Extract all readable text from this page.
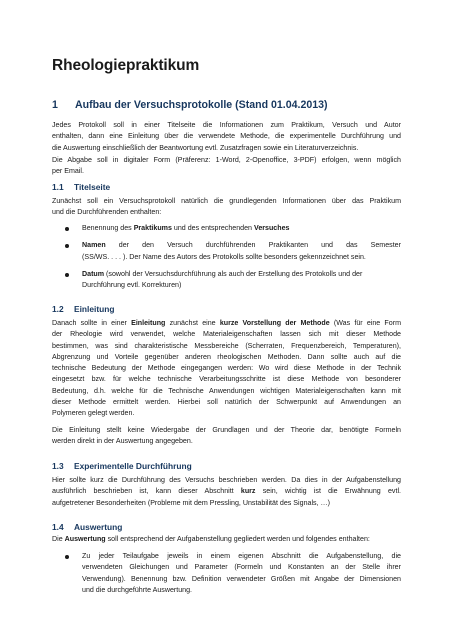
Rheologiepraktikum
1 Aufbau der Versuchsprotokolle (Stand 01.04.2013)
Jedes Protokoll soll in einer Titelseite die Informationen zum Praktikum, Versuch und Autor
enthalten, dann eine Einleitung über die verwendete Methode, die experimentelle Durchführung und
die Auswertung einschließlich der Beantwortung evtl. Zusatzfragen sowie ein Literaturverzeichnis.
Die Abgabe soll in digitaler Form (Präferenz: 1-Word, 2-Openoffice, 3-PDF) erfolgen, wenn möglich
per Email.
1.1 Titelseite
Zunächst soll ein Versuchsprotokoll natürlich die grundlegenden Informationen über das Praktikum
und die Durchführenden enthalten:
Benennung des Praktikums und des entsprechenden Versuches
Namen der den Versuch durchführenden Praktikanten und das Semester
(SS/WS. . . . ). Der Name des Autors des Protokolls sollte besonders gekennzeichnet sein.
Datum (sowohl der Versuchsdurchführung als auch der Erstellung des Protokolls und der
Durchführung evtl. Korrekturen)
1.2 Einleitung
Danach sollte in einer Einleitung zunächst eine kurze Vorstellung der Methode (Was für eine Form
der Rheologie wird verwendet, welche Materialeigenschaften lassen sich mit dieser Methode
bestimmen, was sind charakteristische Messbereiche (Scherraten, Frequenzbereich, Temperaturen),
Abgrenzung und Vorteile gegenüber anderen rheologischen Methoden. Dann sollte auch auf die
technische Bedeutung der Methode eingegangen werden: Wo wird diese Methode in der Technik
eingesetzt bzw. für welche technische Verarbeitungsschritte ist diese Methode von besonderer
Bedeutung, d.h. welche für die Technische Anwendungen wichtigen Materialeigenschaften kann mit
dieser Methode ermittelt werden. Hierbei soll natürlich der Schwerpunkt auf Anwendungen an
Polymeren gelegt werden.
Die Einleitung stellt keine Wiedergabe der Grundlagen und der Theorie dar, benötigte Formeln
werden direkt in der Auswertung angegeben.
1.3 Experimentelle Durchführung
Hier sollte kurz die Durchführung des Versuchs beschrieben werden. Da dies in der Aufgabenstellung
ausführlich beschrieben ist, kann dieser Abschnitt kurz sein, wichtig ist die Erwähnung evtl.
aufgetretener Besonderheiten (Probleme mit dem Pressling, Unstabilität des Signals, …)
1.4 Auswertung
Die Auswertung soll entsprechend der Aufgabenstellung gegliedert werden und folgendes enthalten:
Zu jeder Teilaufgabe jeweils in einem eigenen Abschnitt die Aufgabenstellung, die
verwendeten Gleichungen und Parameter (Formeln und Konstanten an der Stelle ihrer
Verwendung). Benennung bzw. Definition verwendeter Größen mit Angabe der Dimensionen
und die durchgeführte Auswertung.
